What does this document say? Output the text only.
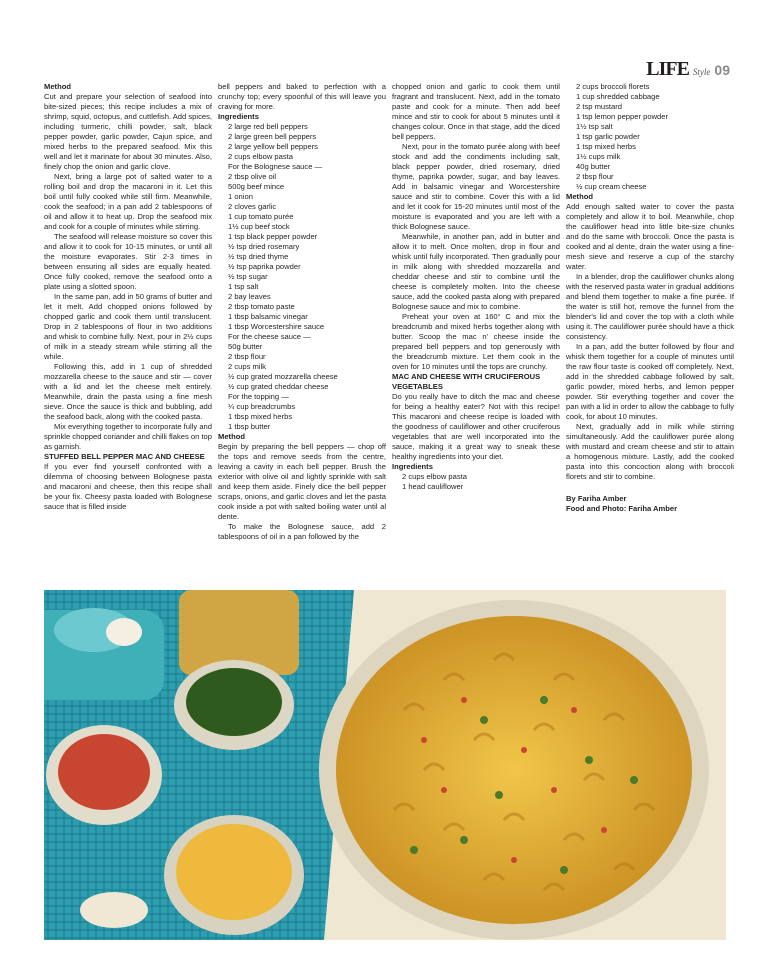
LIFE Style 09
Method

Cut and prepare your selection of seafood into bite-sized pieces; this recipe includes a mix of shrimp, squid, octopus, and cuttlefish. Add spices, including turmeric, chilli powder, salt, black pepper powder, garlic powder, Cajun spice, and mixed herbs to the prepared seafood. Mix this well and let it marinate for about 30 minutes. Also, finely chop the onion and garlic clove.

Next, bring a large pot of salted water to a rolling boil and drop the macaroni in it. Let this boil until fully cooked while still firm. Meanwhile, cook the seafood; in a pan add 2 tablespoons of oil and allow it to heat up. Drop the seafood mix and cook for a couple of minutes while stirring.

The seafood will release moisture so cover this and allow it to cook for 10-15 minutes, or until all the moisture evaporates. Stir 2-3 times in between ensuring all sides are equally heated. Once fully cooked, remove the seafood onto a plate using a slotted spoon.

In the same pan, add in 50 grams of butter and let it melt. Add chopped onions followed by chopped garlic and cook them until translucent. Drop in 2 tablespoons of flour in two additions and whisk to combine fully. Next, pour in 2½ cups of milk in a steady stream while stirring all the while.

Following this, add in 1 cup of shredded mozzarella cheese to the sauce and stir — cover with a lid and let the cheese melt entirely. Meanwhile, drain the pasta using a fine mesh sieve. Once the sauce is thick and bubbling, add the seafood back, along with the cooked pasta.

Mix everything together to incorporate fully and sprinkle chopped coriander and chilli flakes on top as garnish.

STUFFED BELL PEPPER MAC AND CHEESE

If you ever find yourself confronted with a dilemma of choosing between Bolognese pasta and macaroni and cheese, then this recipe shall be your fix. Cheesy pasta loaded with Bolognese sauce that is filled inside

bell peppers and baked to perfection with a crunchy top; every spoonful of this will leave you craving for more.

Ingredients

2 large red bell peppers

2 large green bell peppers

2 large yellow bell peppers

2 cups elbow pasta

For the Bolognese sauce —

2 tbsp olive oil

500g beef mince

1 onion

2 cloves garlic

1 cup tomato purée

1½ cup beef stock

1 tsp black pepper powder

½ tsp dried rosemary

½ tsp dried thyme

½ tsp paprika powder

½ tsp sugar

1 tsp salt

2 bay leaves

2 tbsp tomato paste

1 tbsp balsamic vinegar

1 tbsp Worcestershire sauce

For the cheese sauce —

50g butter

2 tbsp flour

2 cups milk

½ cup grated mozzarella cheese

½ cup grated cheddar cheese

For the topping —

¼ cup breadcrumbs

1 tbsp mixed herbs

1 tbsp butter

Method

Begin by preparing the bell peppers — chop off the tops and remove seeds from the centre, leaving a cavity in each bell pepper. Brush the exterior with olive oil and lightly sprinkle with salt and keep them aside. Finely dice the bell pepper scraps, onions, and garlic cloves and let the pasta cook inside a pot with salted boiling water until al dente.

To make the Bolognese sauce, add 2 tablespoons of oil in a pan followed by the

chopped onion and garlic to cook them until fragrant and translucent. Next, add in the tomato paste and cook for a minute. Then add beef mince and stir to cook for about 5 minutes until it changes colour. Once in that stage, add the diced bell peppers.

Next, pour in the tomato purée along with beef stock and add the condiments including salt, black pepper powder, dried rosemary, dried thyme, paprika powder, sugar, and bay leaves. Add in balsamic vinegar and Worcestershire sauce and stir to combine. Cover this with a lid and let it cook for 15-20 minutes until most of the moisture is evaporated and you are left with a thick Bolognese sauce.

Meanwhile, in another pan, add in butter and allow it to melt. Once molten, drop in flour and whisk until fully incorporated. Then gradually pour in milk along with shredded mozzarella and cheddar cheese and stir to combine until the cheese is completely molten. Into the cheese sauce, add the cooked pasta along with prepared Bolognese sauce and mix to combine.

Preheat your oven at 160° C and mix the breadcrumb and mixed herbs together along with butter. Scoop the mac n' cheese inside the prepared bell peppers and top generously with the breadcrumb mixture. Let them cook in the oven for 10 minutes until the tops are crunchy.

MAC AND CHEESE WITH CRUCIFEROUS VEGETABLES

Do you really have to ditch the mac and cheese for being a healthy eater? Not with this recipe! This macaroni and cheese recipe is loaded with the goodness of cauliflower and other cruciferous vegetables that are well incorporated into the sauce, making it a great way to sneak these healthy ingredients into your diet.

Ingredients

2 cups elbow pasta

1 head cauliflower

2 cups broccoli florets

1 cup shredded cabbage

2 tsp mustard

1 tsp lemon pepper powder

1½ tsp salt

1 tsp garlic powder

1 tsp mixed herbs

1½ cups milk

40g butter

2 tbsp flour

½ cup cream cheese

Method

Add enough salted water to cover the pasta completely and allow it to boil. Meanwhile, chop the cauliflower head into little bite-size chunks and do the same with broccoli. Once the pasta is cooked and al dente, drain the water using a fine-mesh sieve and reserve a cup of the starchy water.

In a blender, drop the cauliflower chunks along with the reserved pasta water in gradual additions and blend them together to make a fine purée. If the water is still hot, remove the funnel from the blender's lid and cover the top with a cloth while using it. The cauliflower purée should have a thick consistency.

In a pan, add the butter followed by flour and whisk them together for a couple of minutes until the raw flour taste is cooked off completely. Next, add in the shredded cabbage followed by salt, garlic powder, mixed herbs, and lemon pepper powder. Stir everything together and cover the pan with a lid in order to allow the cabbage to fully cook, for about 10 minutes.

Next, gradually add in milk while stirring simultaneously. Add the cauliflower purée along with mustard and cream cheese and stir to attain a homogenous mixture. Lastly, add the cooked pasta into this concoction along with broccoli florets and stir to combine.

By Fariha Amber
Food and Photo: Fariha Amber
